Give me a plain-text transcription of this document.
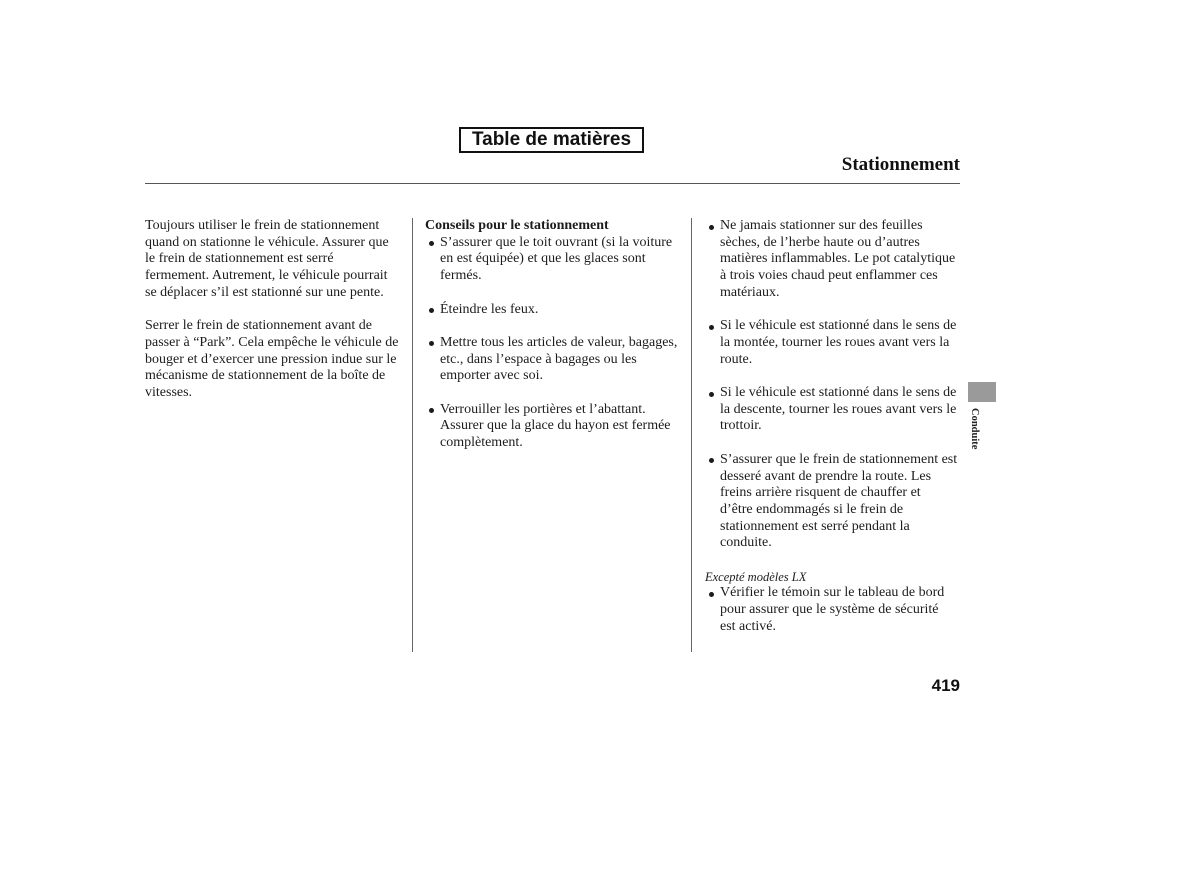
Table de matières
Stationnement
Toujours utiliser le frein de stationnement
quand on stationne le véhicule. Assurer que
le frein de stationnement est serré
fermement. Autrement, le véhicule pourrait
se déplacer s’il est stationné sur une pente.
Serrer le frein de stationnement avant de
passer à “Park”. Cela empêche le véhicule de
bouger et d’exercer une pression indue sur le
mécanisme de stationnement de la boîte de
vitesses.
Conseils pour le stationnement
S’assurer que le toit ouvrant (si la voiture
en est équipée) et que les glaces sont
fermés.
Éteindre les feux.
Mettre tous les articles de valeur, bagages,
etc., dans l’espace à bagages ou les
emporter avec soi.
Verrouiller les portières et l’abattant.
Assurer que la glace du hayon est fermée
complètement.
Ne jamais stationner sur des feuilles
sèches, de l’herbe haute ou d’autres
matières inflammables. Le pot catalytique
à trois voies chaud peut enflammer ces
matériaux.
Si le véhicule est stationné dans le sens de
la montée, tourner les roues avant vers la
route.
Si le véhicule est stationné dans le sens de
la descente, tourner les roues avant vers le
trottoir.
S’assurer que le frein de stationnement est
desseré avant de prendre la route. Les
freins arrière risquent de chauffer et
d’être endommagés si le frein de
stationnement est serré pendant la
conduite.
Excepté modèles LX
Vérifier le témoin sur le tableau de bord
pour assurer que le système de sécurité
est activé.
Conduite
419
